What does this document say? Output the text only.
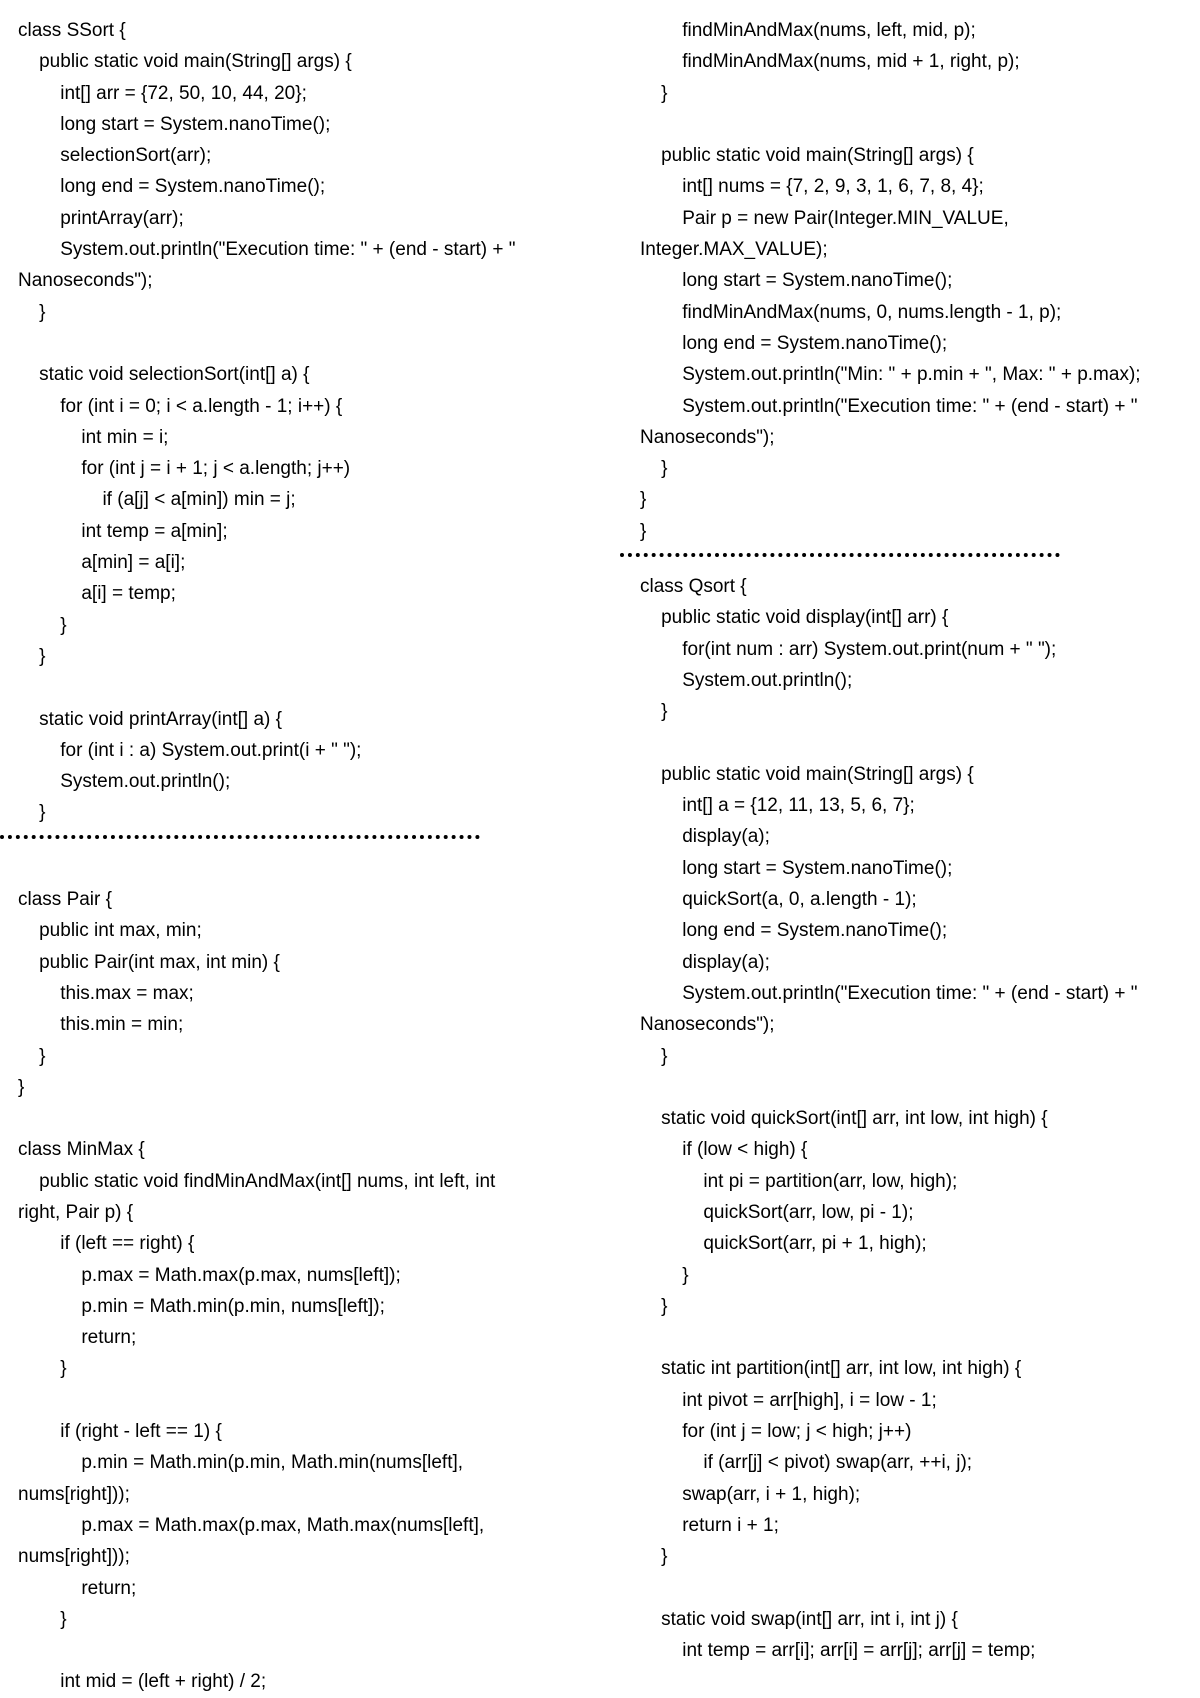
class SSort {
public static void main(String[] args) {
int[] arr = {72, 50, 10, 44, 20};
long start = System.nanoTime();
selectionSort(arr);
long end = System.nanoTime();
printArray(arr);
System.out.println("Execution time: " + (end - start) + "
Nanoseconds");
}
static void selectionSort(int[] a) {
for (int i = 0; i < a.length - 1; i++) {
int min = i;
for (int j = i + 1; j < a.length; j++)
if (a[j] < a[min]) min = j;
int temp = a[min];
a[min] = a[i];
a[i] = temp;
}
}
static void printArray(int[] a) {
for (int i : a) System.out.print(i + " ");
System.out.println();
}
class Pair {
public int max, min;
public Pair(int max, int min) {
this.max = max;
this.min = min;
}
}
class MinMax {
public static void findMinAndMax(int[] nums, int left, int
right, Pair p) {
if (left == right) {
p.max = Math.max(p.max, nums[left]);
p.min = Math.min(p.min, nums[left]);
return;
}
if (right - left == 1) {
p.min = Math.min(p.min, Math.min(nums[left],
nums[right]));
p.max = Math.max(p.max, Math.max(nums[left],
nums[right]));
return;
}
int mid = (left + right) / 2;
findMinAndMax(nums, left, mid, p);
findMinAndMax(nums, mid + 1, right, p);
}
public static void main(String[] args) {
int[] nums = {7, 2, 9, 3, 1, 6, 7, 8, 4};
Pair p = new Pair(Integer.MIN_VALUE,
Integer.MAX_VALUE);
long start = System.nanoTime();
findMinAndMax(nums, 0, nums.length - 1, p);
long end = System.nanoTime();
System.out.println("Min: " + p.min + ", Max: " + p.max);
System.out.println("Execution time: " + (end - start) + "
Nanoseconds");
}
}
}
class Qsort {
public static void display(int[] arr) {
for(int num : arr) System.out.print(num + " ");
System.out.println();
}
public static void main(String[] args) {
int[] a = {12, 11, 13, 5, 6, 7};
display(a);
long start = System.nanoTime();
quickSort(a, 0, a.length - 1);
long end = System.nanoTime();
display(a);
System.out.println("Execution time: " + (end - start) + "
Nanoseconds");
}
static void quickSort(int[] arr, int low, int high) {
if (low < high) {
int pi = partition(arr, low, high);
quickSort(arr, low, pi - 1);
quickSort(arr, pi + 1, high);
}
}
static int partition(int[] arr, int low, int high) {
int pivot = arr[high], i = low - 1;
for (int j = low; j < high; j++)
if (arr[j] < pivot) swap(arr, ++i, j);
swap(arr, i + 1, high);
return i + 1;
}
static void swap(int[] arr, int i, int j) {
int temp = arr[i]; arr[i] = arr[j]; arr[j] = temp;
